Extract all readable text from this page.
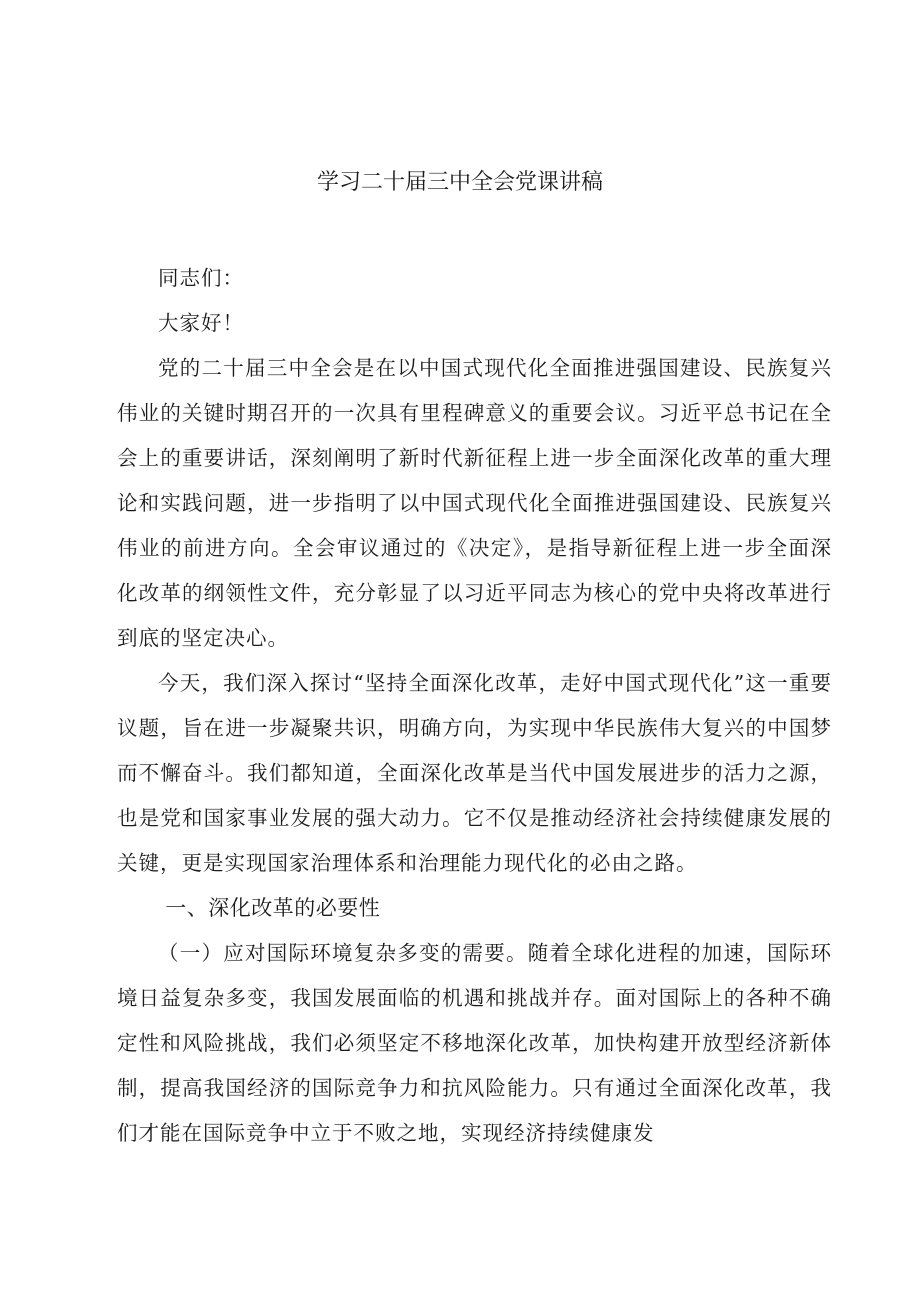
学习二十届三中全会党课讲稿

同志们：

大家好！

党的二十届三中全会是在以中国式现代化全面推进强国建设、民族复兴伟业的关键时期召开的一次具有里程碑意义的重要会议。习近平总书记在全会上的重要讲话，深刻阐明了新时代新征程上进一步全面深化改革的重大理论和实践问题，进一步指明了以中国式现代化全面推进强国建设、民族复兴伟业的前进方向。全会审议通过的《决定》，是指导新征程上进一步全面深化改革的纲领性文件，充分彰显了以习近平同志为核心的党中央将改革进行到底的坚定决心。

今天，我们深入探讨“坚持全面深化改革，走好中国式现代化”这一重要议题，旨在进一步凝聚共识，明确方向，为实现中华民族伟大复兴的中国梦而不懈奋斗。我们都知道，全面深化改革是当代中国发展进步的活力之源，也是党和国家事业发展的强大动力。它不仅是推动经济社会持续健康发展的关键，更是实现国家治理体系和治理能力现代化的必由之路。

一、深化改革的必要性

（一）应对国际环境复杂多变的需要。随着全球化进程的加速，国际环境日益复杂多变，我国发展面临的机遇和挑战并存。面对国际上的各种不确定性和风险挑战，我们必须坚定不移地深化改革，加快构建开放型经济新体制，提高我国经济的国际竞争力和抗风险能力。只有通过全面深化改革，我们才能在国际竞争中立于不败之地，实现经济持续健康发
